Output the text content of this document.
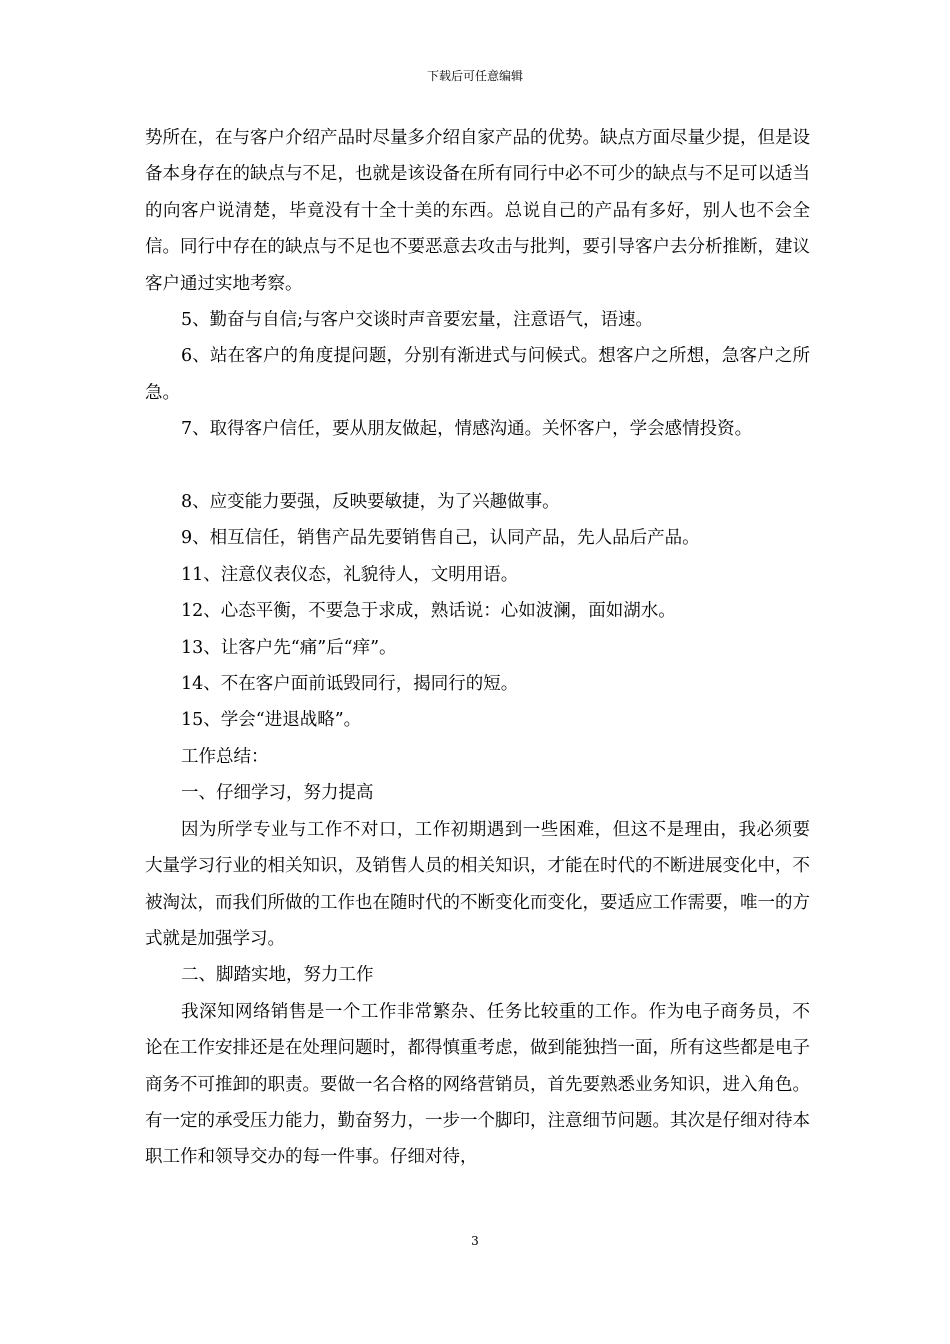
下载后可任意编辑

势所在，在与客户介绍产品时尽量多介绍自家产品的优势。缺点方面尽量少提，但是设备本身存在的缺点与不足，也就是该设备在所有同行中必不可少的缺点与不足可以适当的向客户说清楚，毕竟没有十全十美的东西。总说自己的产品有多好，别人也不会全信。同行中存在的缺点与不足也不要恶意去攻击与批判，要引导客户去分析推断，建议客户通过实地考察。

5、勤奋与自信;与客户交谈时声音要宏量，注意语气，语速。

6、站在客户的角度提问题，分别有渐进式与问候式。想客户之所想，急客户之所急。

7、取得客户信任，要从朋友做起，情感沟通。关怀客户，学会感情投资。

8、应变能力要强，反映要敏捷，为了兴趣做事。

9、相互信任，销售产品先要销售自己，认同产品，先人品后产品。

11、注意仪表仪态，礼貌待人，文明用语。

12、心态平衡，不要急于求成，熟话说：心如波澜，面如湖水。

13、让客户先“痛”后“痒”。

14、不在客户面前诋毁同行，揭同行的短。

15、学会“进退战略”。

工作总结：

一、仔细学习，努力提高

因为所学专业与工作不对口，工作初期遇到一些困难，但这不是理由，我必须要大量学习行业的相关知识，及销售人员的相关知识，才能在时代的不断进展变化中，不被淘汰，而我们所做的工作也在随时代的不断变化而变化，要适应工作需要，唯一的方式就是加强学习。

二、脚踏实地，努力工作

我深知网络销售是一个工作非常繁杂、任务比较重的工作。作为电子商务员，不论在工作安排还是在处理问题时，都得慎重考虑，做到能独挡一面，所有这些都是电子商务不可推卸的职责。要做一名合格的网络营销员，首先要熟悉业务知识，进入角色。有一定的承受压力能力，勤奋努力，一步一个脚印，注意细节问题。其次是仔细对待本职工作和领导交办的每一件事。仔细对待，

3
